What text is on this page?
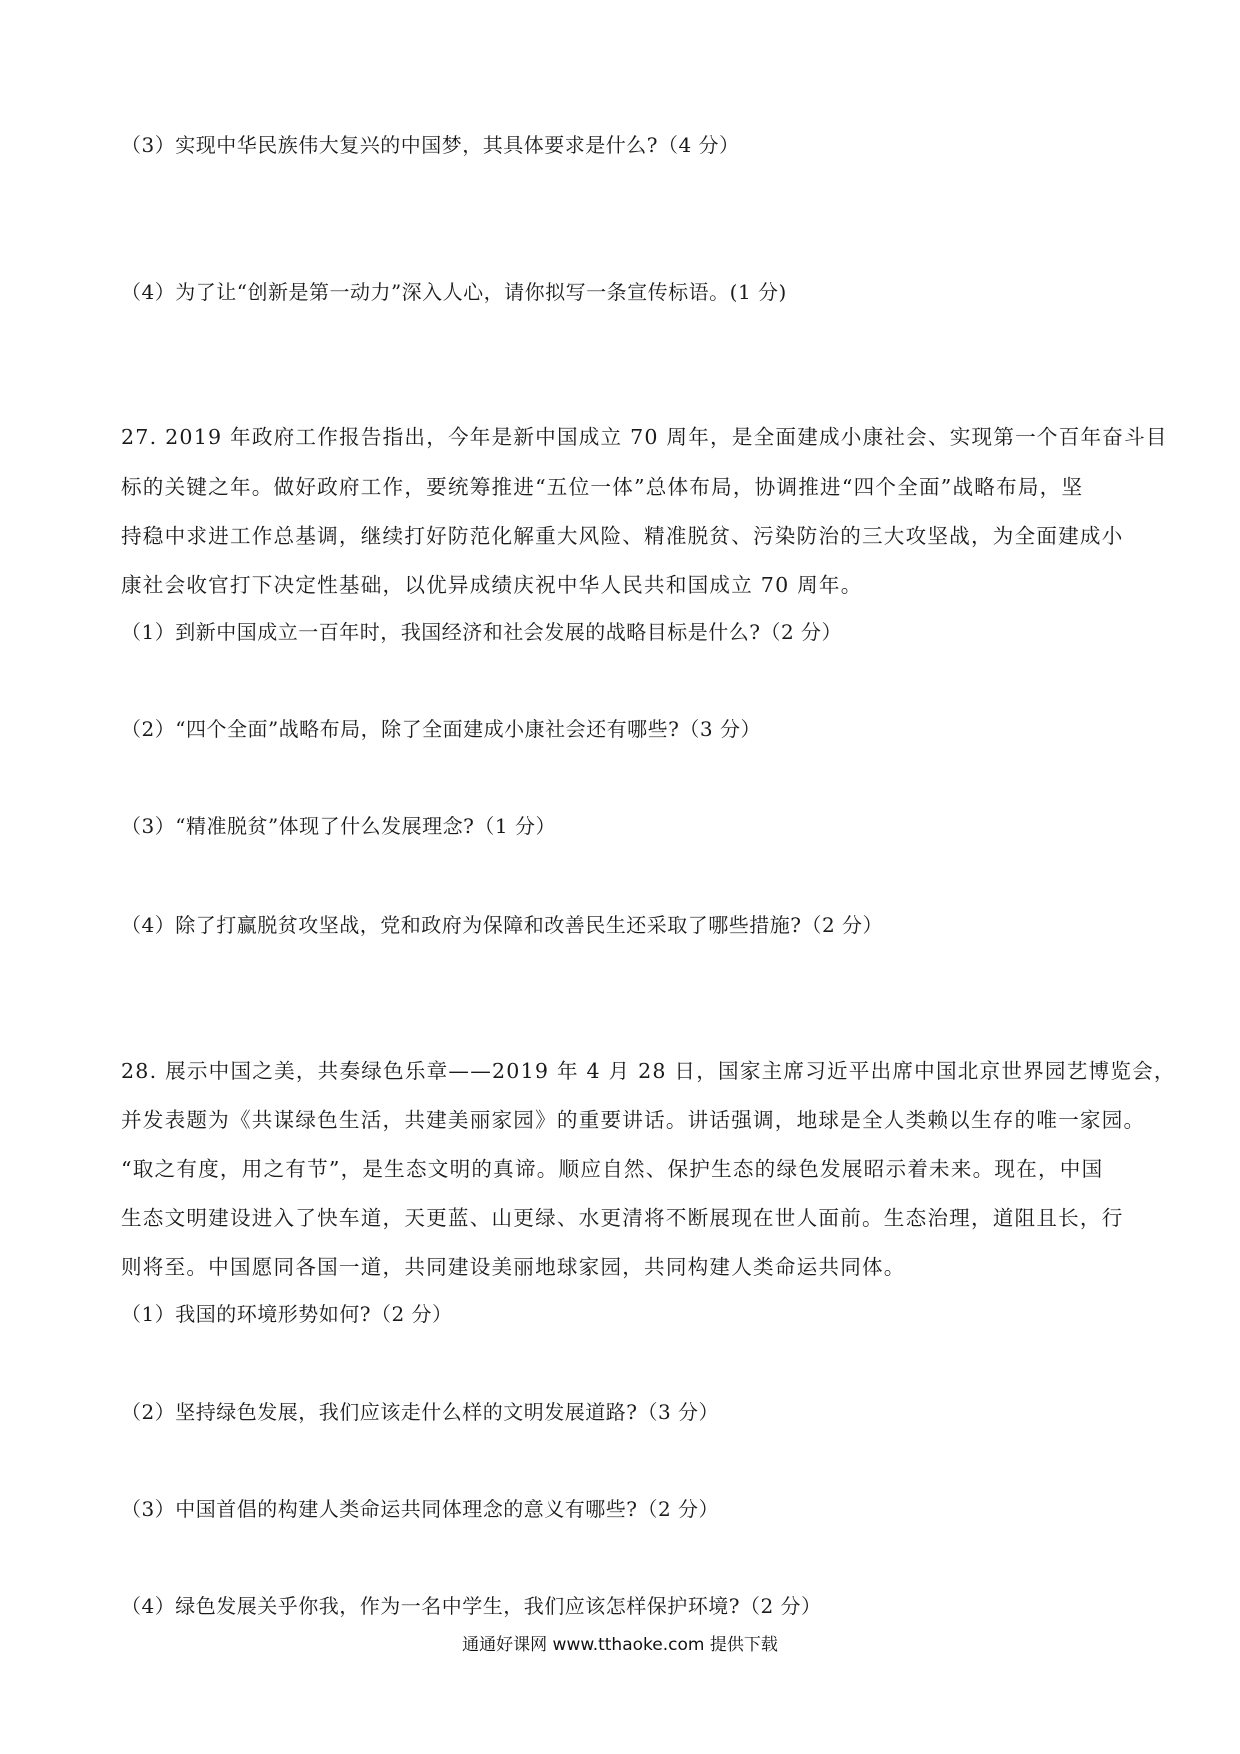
（3）实现中华民族伟大复兴的中国梦，其具体要求是什么?（4 分）
（4）为了让“创新是第一动力”深入人心，请你拟写一条宣传标语。(1 分)
27. 2019 年政府工作报告指出，今年是新中国成立 70 周年，是全面建成小康社会、实现第一个百年奋斗目
标的关键之年。做好政府工作，要统筹推进“五位一体”总体布局，协调推进“四个全面”战略布局，坚
持稳中求进工作总基调，继续打好防范化解重大风险、精准脱贫、污染防治的三大攻坚战，为全面建成小
康社会收官打下决定性基础，以优异成绩庆祝中华人民共和国成立 70 周年。
（1）到新中国成立一百年时，我国经济和社会发展的战略目标是什么?（2 分）
（2）“四个全面”战略布局，除了全面建成小康社会还有哪些?（3 分）
（3）“精准脱贫”体现了什么发展理念?（1 分）
（4）除了打赢脱贫攻坚战，党和政府为保障和改善民生还采取了哪些措施?（2 分）
28. 展示中国之美，共奏绿色乐章——2019 年 4 月 28 日，国家主席习近平出席中国北京世界园艺博览会，
并发表题为《共谋绿色生活，共建美丽家园》的重要讲话。讲话强调，地球是全人类赖以生存的唯一家园。
“取之有度，用之有节”，是生态文明的真谛。顺应自然、保护生态的绿色发展昭示着未来。现在，中国
生态文明建设进入了快车道，天更蓝、山更绿、水更清将不断展现在世人面前。生态治理，道阻且长，行
则将至。中国愿同各国一道，共同建设美丽地球家园，共同构建人类命运共同体。
（1）我国的环境形势如何?（2 分）
（2）坚持绿色发展，我们应该走什么样的文明发展道路?（3 分）
（3）中国首倡的构建人类命运共同体理念的意义有哪些?（2 分）
（4）绿色发展关乎你我，作为一名中学生，我们应该怎样保护环境?（2 分）
通通好课网 www.tthaoke.com 提供下载
